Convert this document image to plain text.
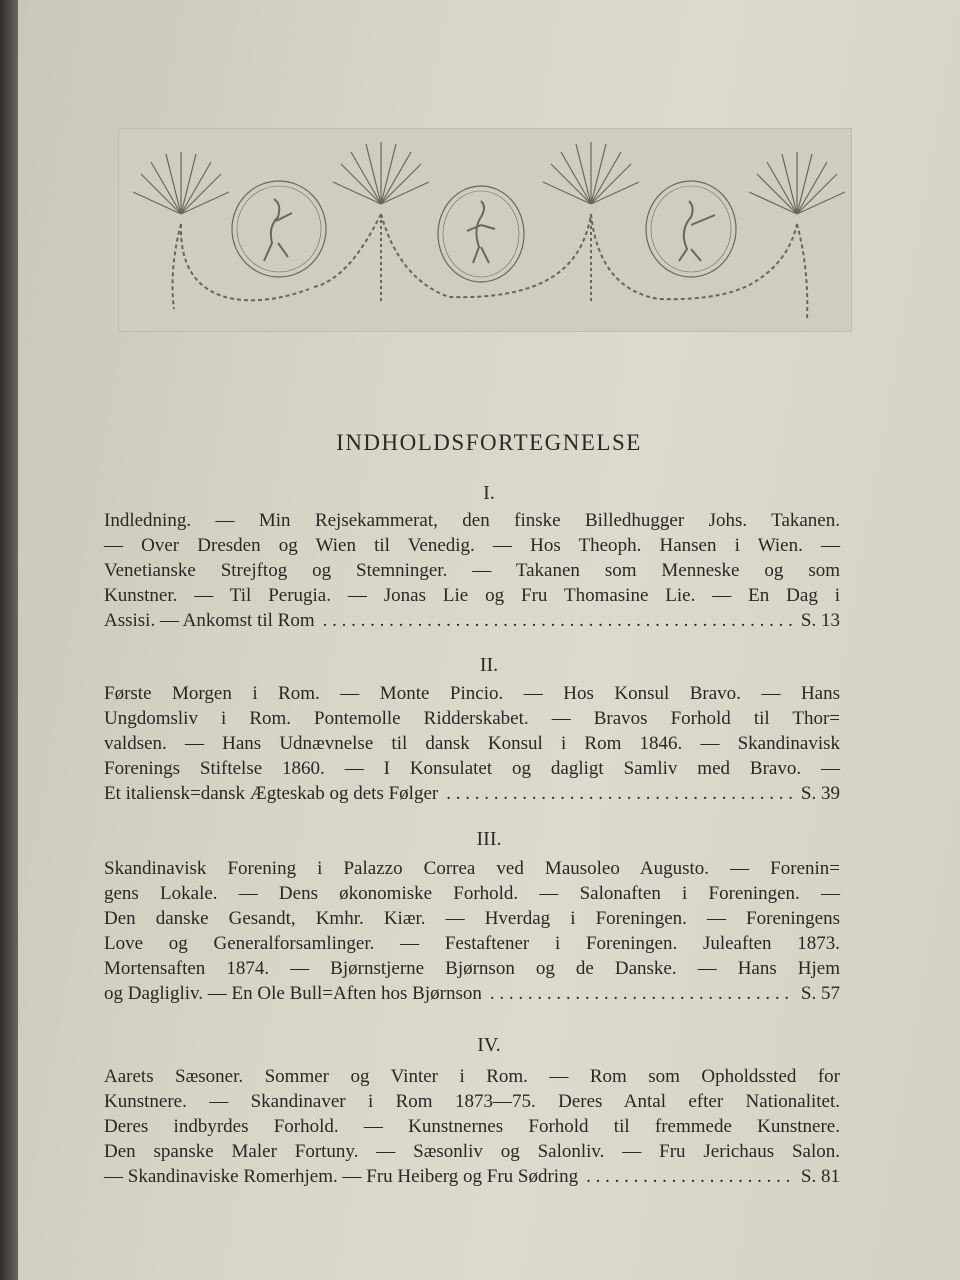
INDHOLDSFORTEGNELSE
I.
Indledning. — Min Rejsekammerat, den finske Billedhugger Johs. Takanen.
— Over Dresden og Wien til Venedig. — Hos Theoph. Hansen i Wien. —
Venetianske Strejftog og Stemninger. — Takanen som Menneske og som
Kunstner. — Til Perugia. — Jonas Lie og Fru Thomasine Lie. — En Dag i
Assisi. — Ankomst til Rom . . .	S. 13
II.
Første Morgen i Rom. — Monte Pincio. — Hos Konsul Bravo. — Hans
Ungdomsliv i Rom. Pontemolle Ridderskabet. — Bravos Forhold til Thor=
valdsen. — Hans Udnævnelse til dansk Konsul i Rom 1846. — Skandinavisk
Forenings Stiftelse 1860. — I Konsulatet og dagligt Samliv med Bravo. —
Et italiensk=dansk Ægteskab og dets Følger . . .	S. 39
III.
Skandinavisk Forening i Palazzo Correa ved Mausoleo Augusto. — Forenin=
gens Lokale. — Dens økonomiske Forhold. — Salonaften i Foreningen. —
Den danske Gesandt, Kmhr. Kiær. — Hverdag i Foreningen. — Foreningens
Love og Generalforsamlinger. — Festaftener i Foreningen. Juleaften 1873.
Mortensaften 1874. — Bjørnstjerne Bjørnson og de Danske. — Hans Hjem
og Dagligliv. — En Ole Bull=Aften hos Bjørnson . . .	S. 57
IV.
Aarets Sæsoner. Sommer og Vinter i Rom. — Rom som Opholdssted for
Kunstnere. — Skandinaver i Rom 1873—75. Deres Antal efter Nationalitet.
Deres indbyrdes Forhold. — Kunstnernes Forhold til fremmede Kunstnere.
Den spanske Maler Fortuny. — Sæsonliv og Salonliv. — Fru Jerichaus Salon.
— Skandinaviske Romerhjem. — Fru Heiberg og Fru Sødring . . .	S. 81
